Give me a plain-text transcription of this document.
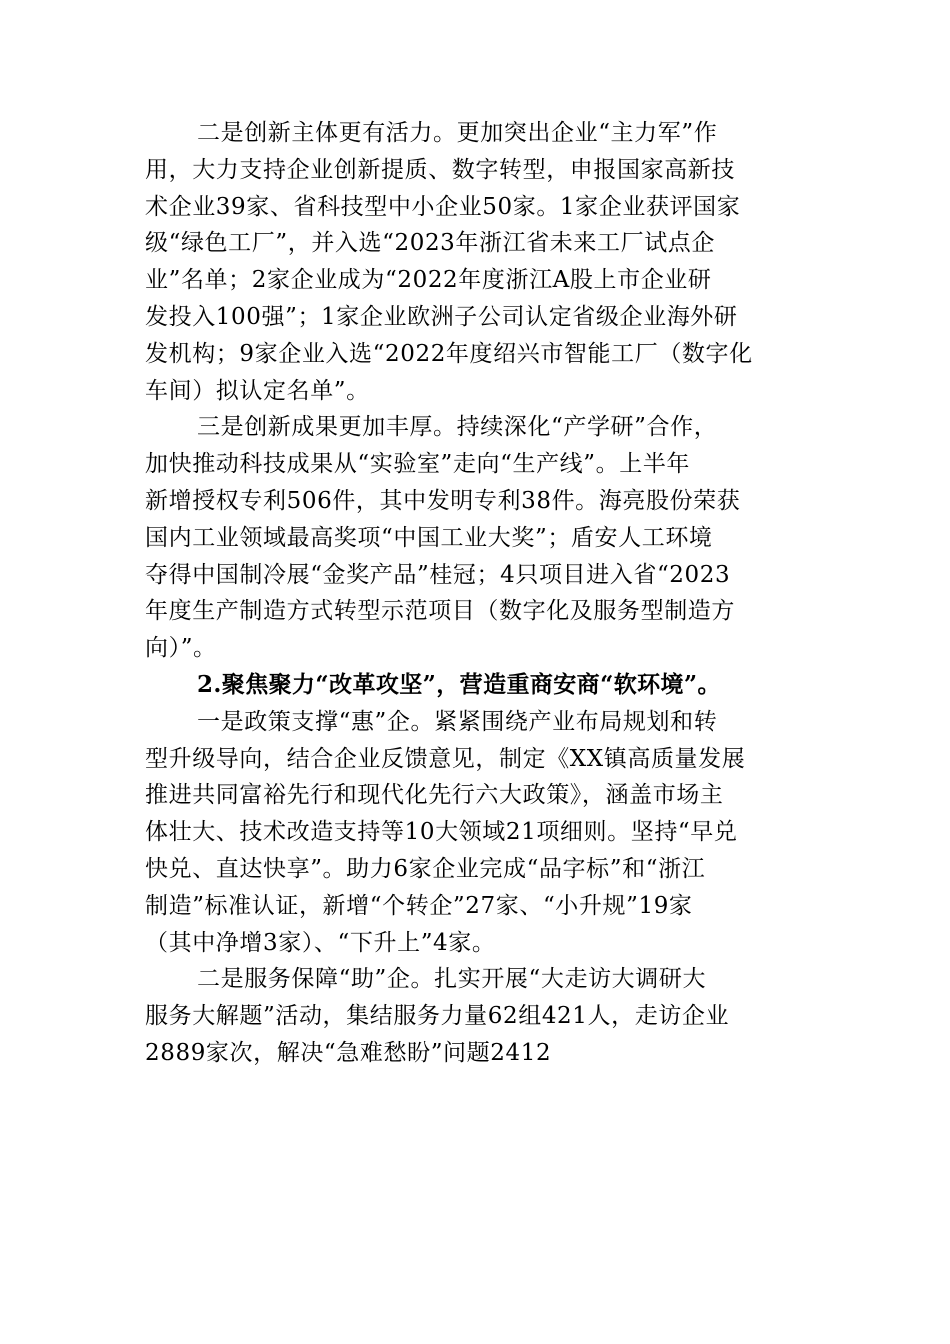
二是创新主体更有活力。更加突出企业“主力军”作
用，大力支持企业创新提质、数字转型，申报国家高新技
术企业39家、省科技型中小企业50家。1家企业获评国家
级“绿色工厂”，并入选“2023年浙江省未来工厂试点企
业”名单；2家企业成为“2022年度浙江A股上市企业研
发投入100强”；1家企业欧洲子公司认定省级企业海外研
发机构；9家企业入选“2022年度绍兴市智能工厂（数字化
车间）拟认定名单”。
三是创新成果更加丰厚。持续深化“产学研”合作，
加快推动科技成果从“实验室”走向“生产线”。上半年
新增授权专利506件，其中发明专利38件。海亮股份荣获
国内工业领域最高奖项“中国工业大奖”；盾安人工环境
夺得中国制冷展“金奖产品”桂冠；4只项目进入省“2023
年度生产制造方式转型示范项目（数字化及服务型制造方
向）”。
2.聚焦聚力“改革攻坚”，营造重商安商“软环境”。
一是政策支撑“惠”企。紧紧围绕产业布局规划和转
型升级导向，结合企业反馈意见，制定《XX镇高质量发展
推进共同富裕先行和现代化先行六大政策》，涵盖市场主
体壮大、技术改造支持等10大领域21项细则。坚持“早兑
快兑、直达快享”。助力6家企业完成“品字标”和“浙江
制造”标准认证，新增“个转企”27家、“小升规”19家
（其中净增3家）、“下升上”4家。
二是服务保障“助”企。扎实开展“大走访大调研大
服务大解题”活动，集结服务力量62组421人，走访企业
2889家次，解决“急难愁盼”问题2412
